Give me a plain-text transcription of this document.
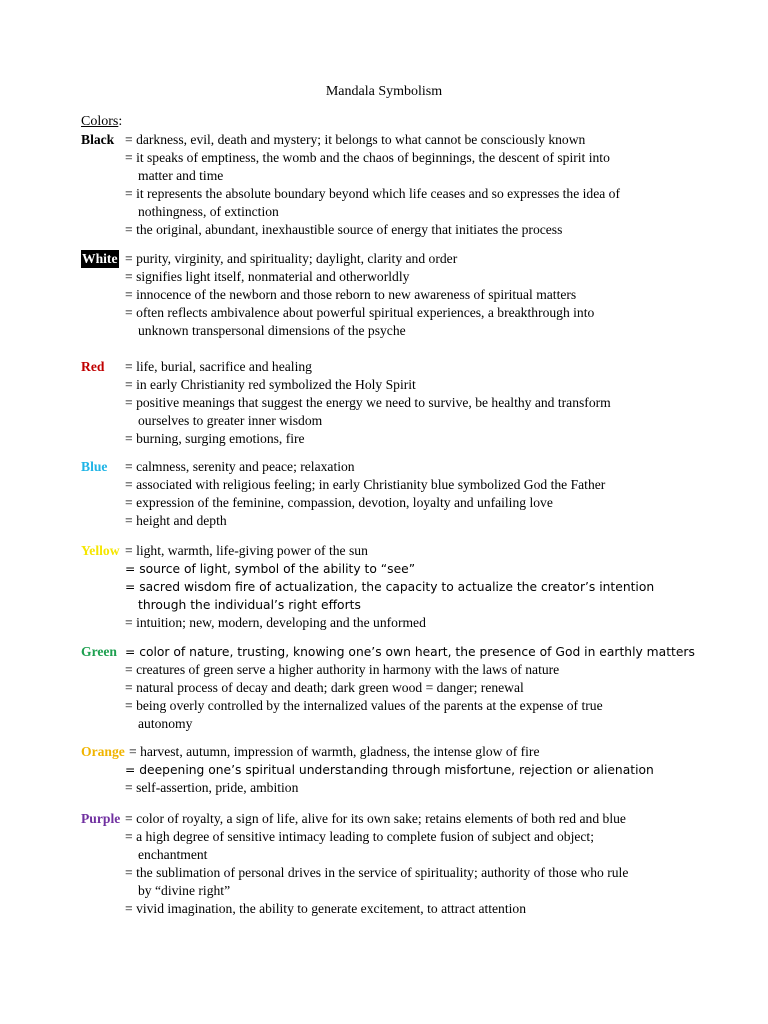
Mandala Symbolism
Colors:
Black = darkness, evil, death and mystery; it belongs to what cannot be consciously known
= it speaks of emptiness, the womb and the chaos of beginnings, the descent of spirit into
matter and time
= it represents the absolute boundary beyond which life ceases and so expresses the idea of
nothingness, of extinction
= the original, abundant, inexhaustible source of energy that initiates the process
White = purity, virginity, and spirituality; daylight, clarity and order
= signifies light itself, nonmaterial and otherworldly
= innocence of the newborn and those reborn to new awareness of spiritual matters
= often reflects ambivalence about powerful spiritual experiences, a breakthrough into
unknown transpersonal dimensions of the psyche
Red	= life, burial, sacrifice and healing
= in early Christianity red symbolized the Holy Spirit
= positive meanings that suggest the energy we need to survive, be healthy and transform
ourselves to greater inner wisdom
= burning, surging emotions, fire
Blue	= calmness, serenity and peace; relaxation
= associated with religious feeling; in early Christianity blue symbolized God the Father
= expression of the feminine, compassion, devotion, loyalty and unfailing love
= height and depth
Yellow = light, warmth, life-giving power of the sun
= source of light, symbol of the ability to “see”
= sacred wisdom fire of actualization, the capacity to actualize the creator’s intention
through the individual’s right efforts
= intuition; new, modern, developing and the unformed
Green = color of nature, trusting, knowing one’s own heart, the presence of God in earthly matters
= creatures of green serve a higher authority in harmony with the laws of nature
= natural process of decay and death; dark green wood = danger; renewal
= being overly controlled by the internalized values of the parents at the expense of true
autonomy
Orange = harvest, autumn, impression of warmth, gladness, the intense glow of fire
= deepening one’s spiritual understanding through misfortune, rejection or alienation
= self-assertion, pride, ambition
Purple = color of royalty, a sign of life, alive for its own sake; retains elements of both red and blue
= a high degree of sensitive intimacy leading to complete fusion of subject and object;
enchantment
= the sublimation of personal drives in the service of spirituality; authority of those who rule
by “divine right”
= vivid imagination, the ability to generate excitement, to attract attention
